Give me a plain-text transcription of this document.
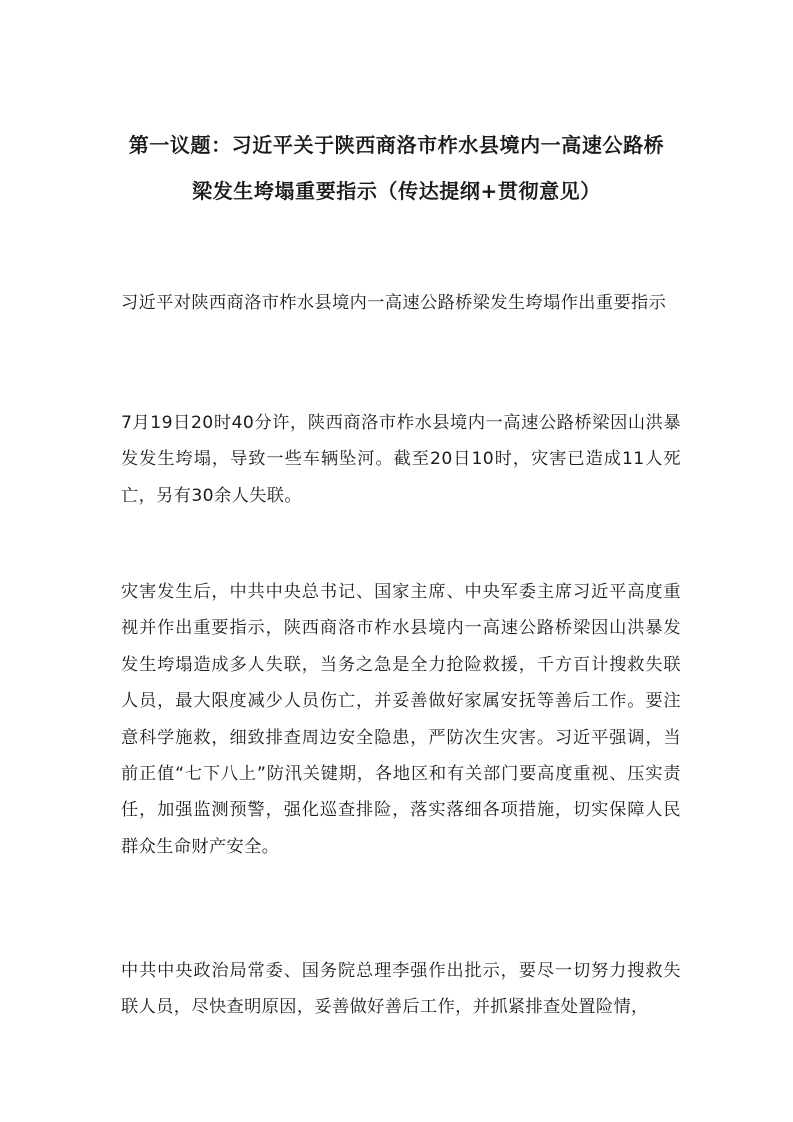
第一议题：习近平关于陕西商洛市柞水县境内一高速公路桥
梁发生垮塌重要指示（传达提纲+贯彻意见）
习近平对陕西商洛市柞水县境内一高速公路桥梁发生垮塌作出重要指示
7月19日20时40分许，陕西商洛市柞水县境内一高速公路桥梁因山洪暴发发生垮塌，导致一些车辆坠河。截至20日10时，灾害已造成11人死亡，另有30余人失联。
灾害发生后，中共中央总书记、国家主席、中央军委主席习近平高度重视并作出重要指示，陕西商洛市柞水县境内一高速公路桥梁因山洪暴发发生垮塌造成多人失联，当务之急是全力抢险救援，千方百计搜救失联人员，最大限度减少人员伤亡，并妥善做好家属安抚等善后工作。要注意科学施救，细致排查周边安全隐患，严防次生灾害。习近平强调，当前正值“七下八上”防汛关键期，各地区和有关部门要高度重视、压实责任，加强监测预警，强化巡查排险，落实落细各项措施，切实保障人民群众生命财产安全。
中共中央政治局常委、国务院总理李强作出批示，要尽一切努力搜救失联人员，尽快查明原因，妥善做好善后工作，并抓紧排查处置险情，
